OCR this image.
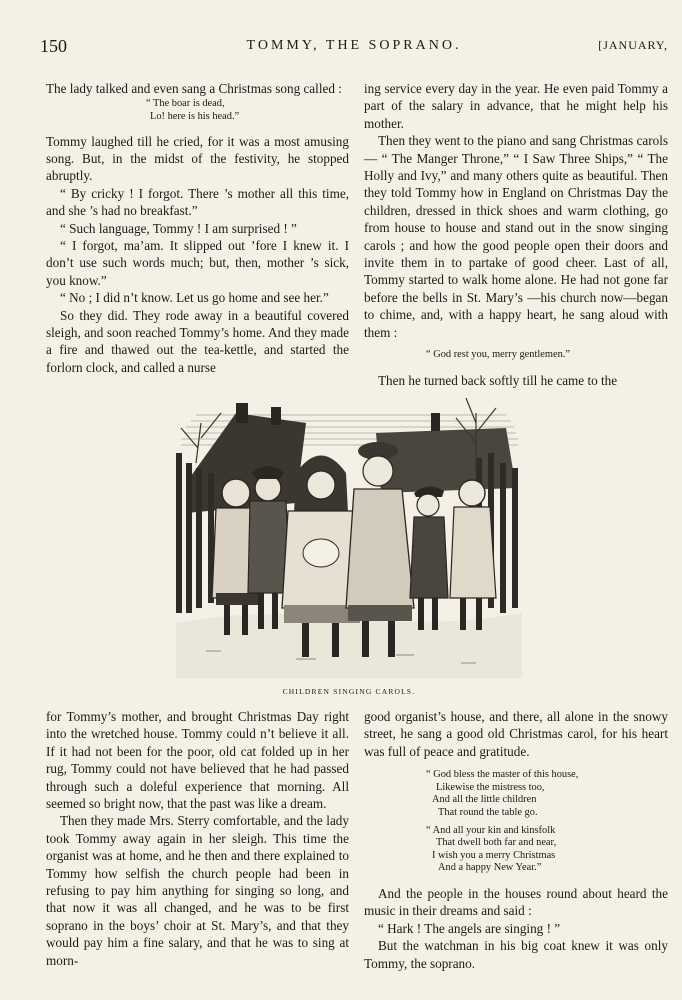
150	TOMMY, THE SOPRANO.	[JANUARY,

The lady talked and even sang a Christmas song called :

“ The boar is dead,
Lo! here is his head.”

Tommy laughed till he cried, for it was a most amusing song. But, in the midst of the festivity, he stopped abruptly.

“ By cricky ! I forgot. There ’s mother all this time, and she ’s had no breakfast.”

“ Such language, Tommy ! I am surprised ! ”

“ I forgot, ma’am. It slipped out ’fore I knew it. I don’t use such words much; but, then, mother ’s sick, you know.”

“ No ; I did n’t know. Let us go home and see her.”

So they did. They rode away in a beautiful covered sleigh, and soon reached Tommy’s home. And they made a fire and thawed out the tea-kettle, and started the forlorn clock, and called a nurse

ing service every day in the year. He even paid Tommy a part of the salary in advance, that he might help his mother.

Then they went to the piano and sang Christmas carols — “ The Manger Throne,” “ I Saw Three Ships,” “ The Holly and Ivy,” and many others quite as beautiful. Then they told Tommy how in England on Christmas Day the children, dressed in thick shoes and warm clothing, go from house to house and stand out in the snow singing carols ; and how the good people open their doors and invite them in to partake of good cheer. Last of all, Tommy started to walk home alone. He had not gone far before the bells in St. Mary’s —his church now—began to chime, and, with a happy heart, he sang aloud with them :

“ God rest you, merry gentlemen.”

Then he turned back softly till he came to the

CHILDREN SINGING CAROLS.

for Tommy’s mother, and brought Christmas Day right into the wretched house. Tommy could n’t believe it all. If it had not been for the poor, old cat folded up in her rug, Tommy could not have believed that he had passed through such a doleful experience that morning. All seemed so bright now, that the past was like a dream.

Then they made Mrs. Sterry comfortable, and the lady took Tommy away again in her sleigh. This time the organist was at home, and he then and there explained to Tommy how selfish the church people had been in refusing to pay him anything for singing so long, and that now it was all changed, and he was to be first soprano in the boys’ choir at St. Mary’s, and that they would pay him a fine salary, and that he was to sing at morn-

good organist’s house, and there, all alone in the snowy street, he sang a good old Christmas carol, for his heart was full of peace and gratitude.

“ God bless the master of this house,
Likewise the mistress too,
And all the little children
That round the table go.
“ And all your kin and kinsfolk
That dwell both far and near,
I wish you a merry Christmas
And a happy New Year.”

And the people in the houses round about heard the music in their dreams and said :

“ Hark ! The angels are singing ! ”

But the watchman in his big coat knew it was only Tommy, the soprano.
